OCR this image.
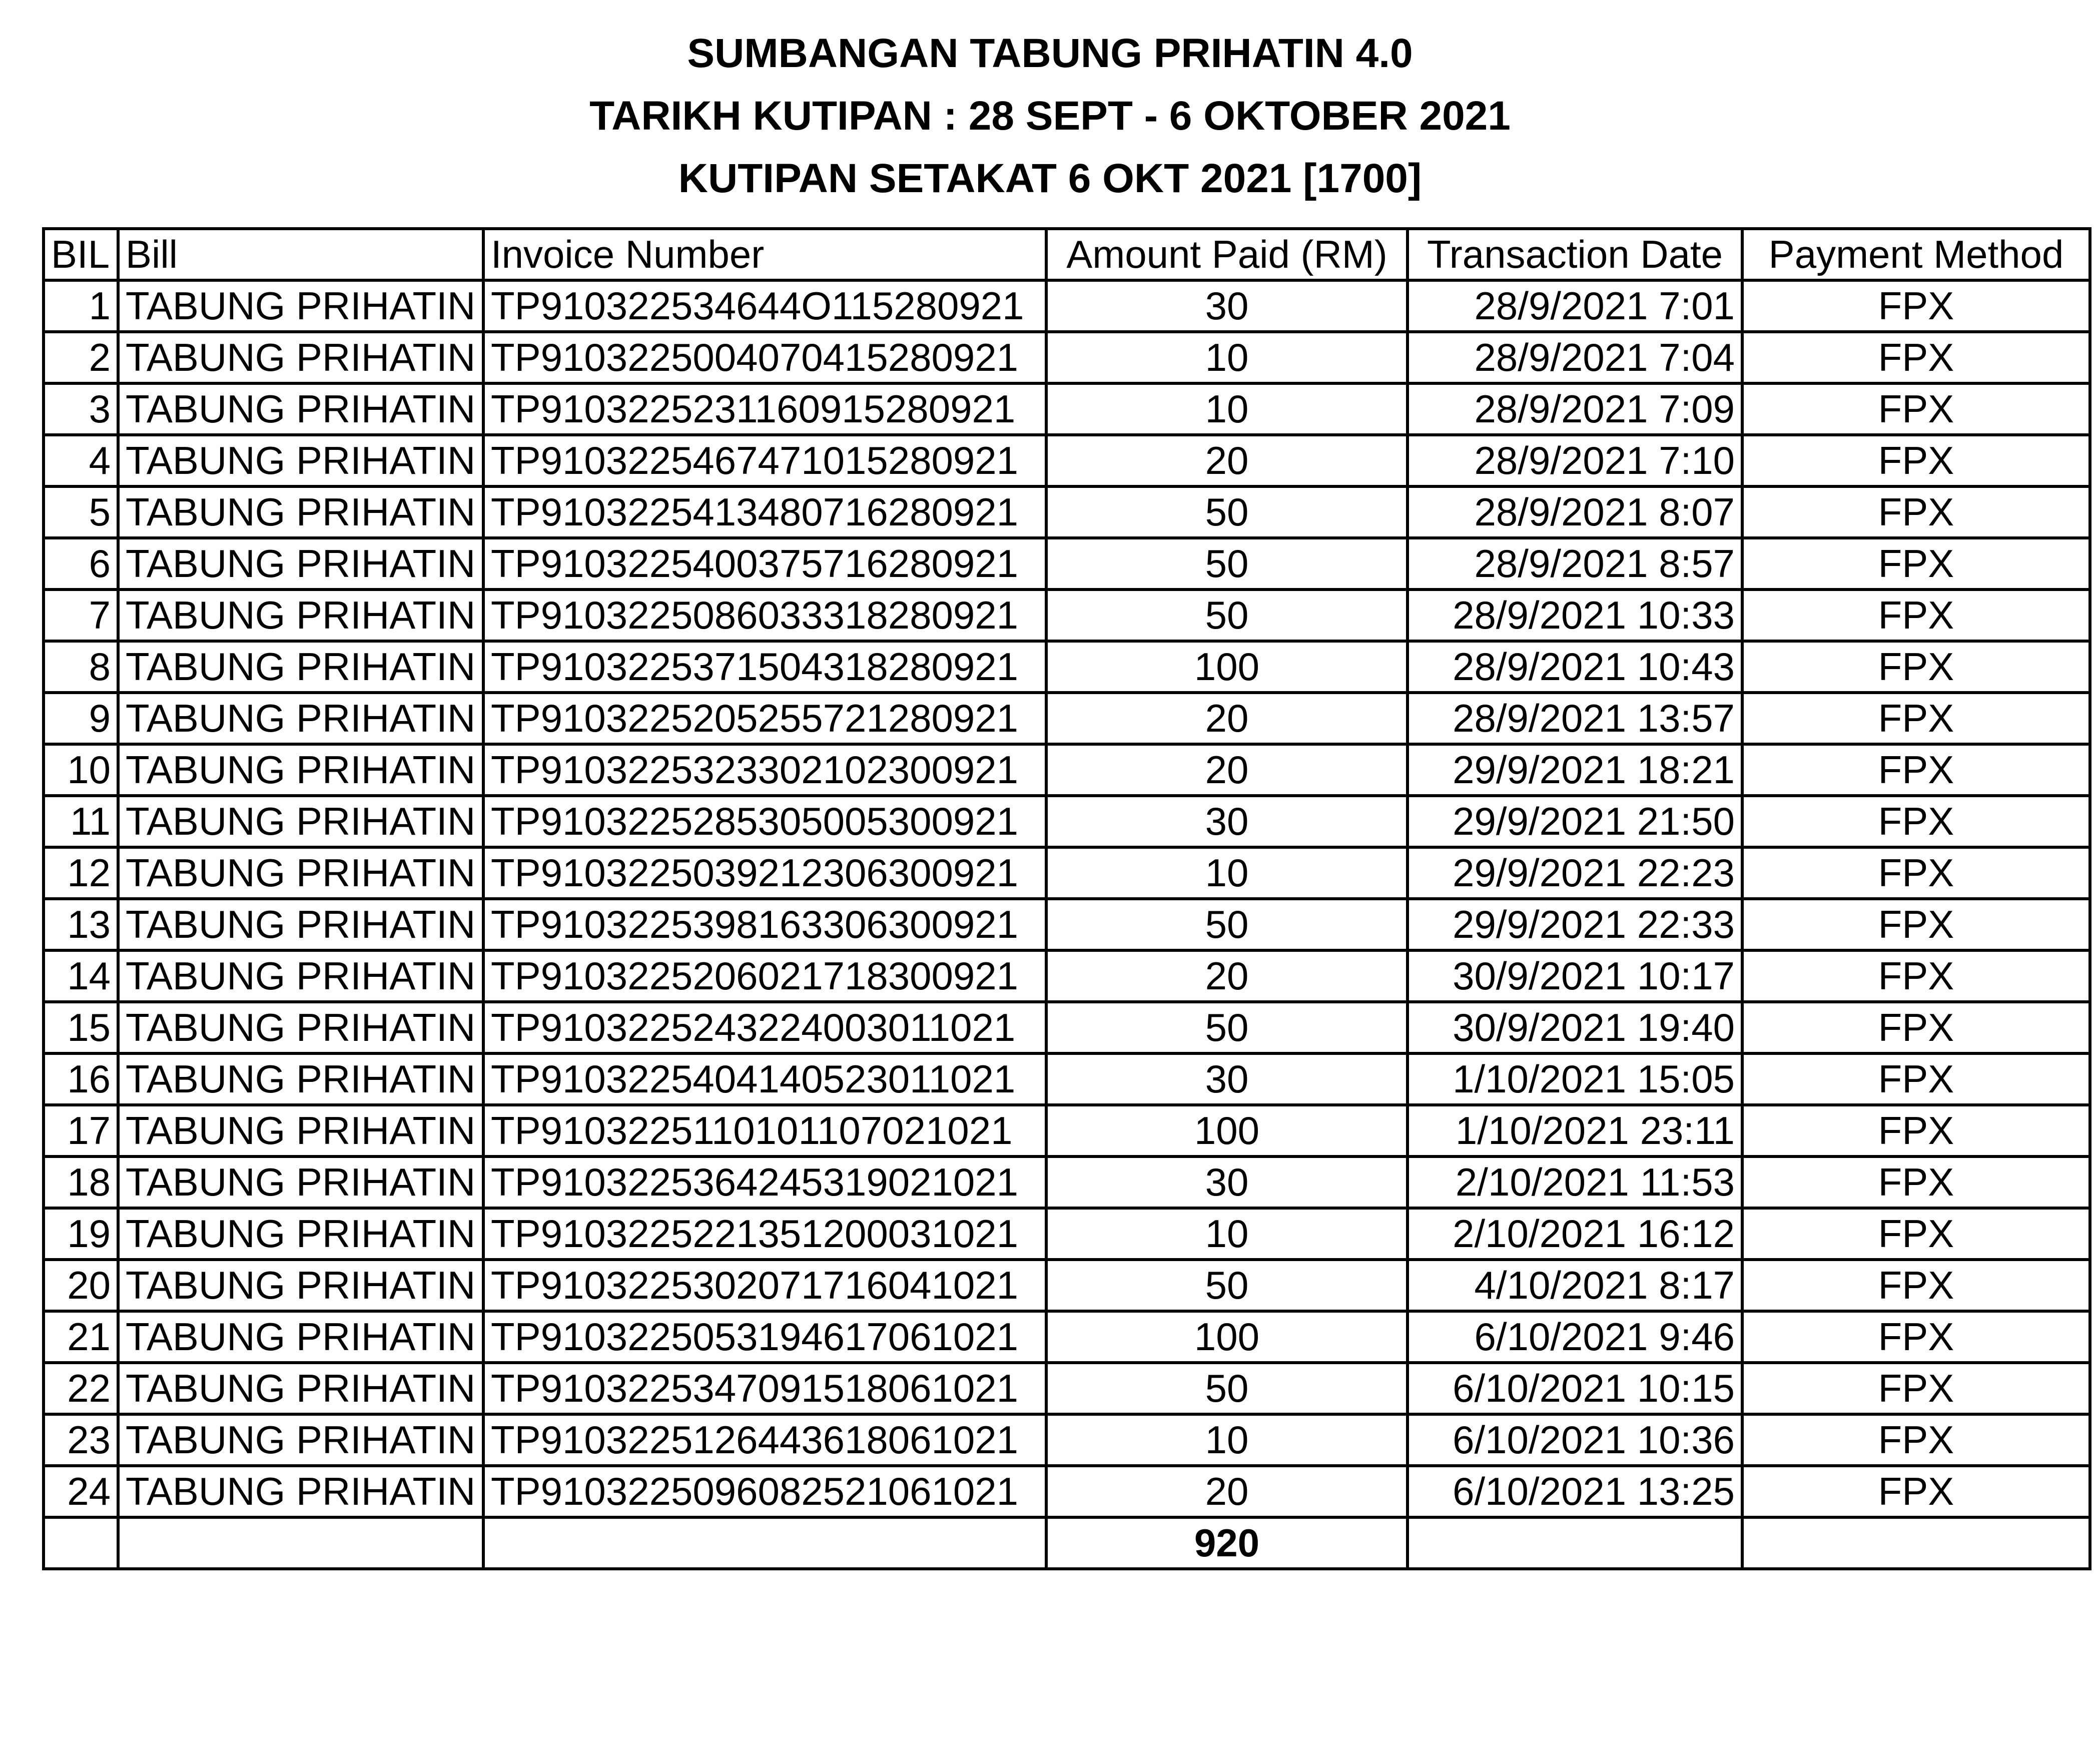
SUMBANGAN TABUNG PRIHATIN 4.0
TARIKH KUTIPAN : 28 SEPT - 6 OKTOBER 2021
KUTIPAN SETAKAT 6 OKT 2021 [1700]
BIL	Bill	Invoice Number	Amount Paid (RM)	Transaction Date	Payment Method
1	TABUNG PRIHATIN	TP910322534644O115280921	30	28/9/2021 7:01	FPX
2	TABUNG PRIHATIN	TP9103225004070415280921	10	28/9/2021 7:04	FPX
3	TABUNG PRIHATIN	TP9103225231160915280921	10	28/9/2021 7:09	FPX
4	TABUNG PRIHATIN	TP9103225467471015280921	20	28/9/2021 7:10	FPX
5	TABUNG PRIHATIN	TP9103225413480716280921	50	28/9/2021 8:07	FPX
6	TABUNG PRIHATIN	TP9103225400375716280921	50	28/9/2021 8:57	FPX
7	TABUNG PRIHATIN	TP9103225086033318280921	50	28/9/2021 10:33	FPX
8	TABUNG PRIHATIN	TP9103225371504318280921	100	28/9/2021 10:43	FPX
9	TABUNG PRIHATIN	TP9103225205255721280921	20	28/9/2021 13:57	FPX
10	TABUNG PRIHATIN	TP9103225323302102300921	20	29/9/2021 18:21	FPX
11	TABUNG PRIHATIN	TP9103225285305005300921	30	29/9/2021 21:50	FPX
12	TABUNG PRIHATIN	TP9103225039212306300921	10	29/9/2021 22:23	FPX
13	TABUNG PRIHATIN	TP9103225398163306300921	50	29/9/2021 22:33	FPX
14	TABUNG PRIHATIN	TP9103225206021718300921	20	30/9/2021 10:17	FPX
15	TABUNG PRIHATIN	TP9103225243224003011021	50	30/9/2021 19:40	FPX
16	TABUNG PRIHATIN	TP9103225404140523011021	30	1/10/2021 15:05	FPX
17	TABUNG PRIHATIN	TP9103225110101107021021	100	1/10/2021 23:11	FPX
18	TABUNG PRIHATIN	TP9103225364245319021021	30	2/10/2021 11:53	FPX
19	TABUNG PRIHATIN	TP9103225221351200031021	10	2/10/2021 16:12	FPX
20	TABUNG PRIHATIN	TP9103225302071716041021	50	4/10/2021 8:17	FPX
21	TABUNG PRIHATIN	TP9103225053194617061021	100	6/10/2021 9:46	FPX
22	TABUNG PRIHATIN	TP9103225347091518061021	50	6/10/2021 10:15	FPX
23	TABUNG PRIHATIN	TP9103225126443618061021	10	6/10/2021 10:36	FPX
24	TABUNG PRIHATIN	TP9103225096082521061021	20	6/10/2021 13:25	FPX
			920		
